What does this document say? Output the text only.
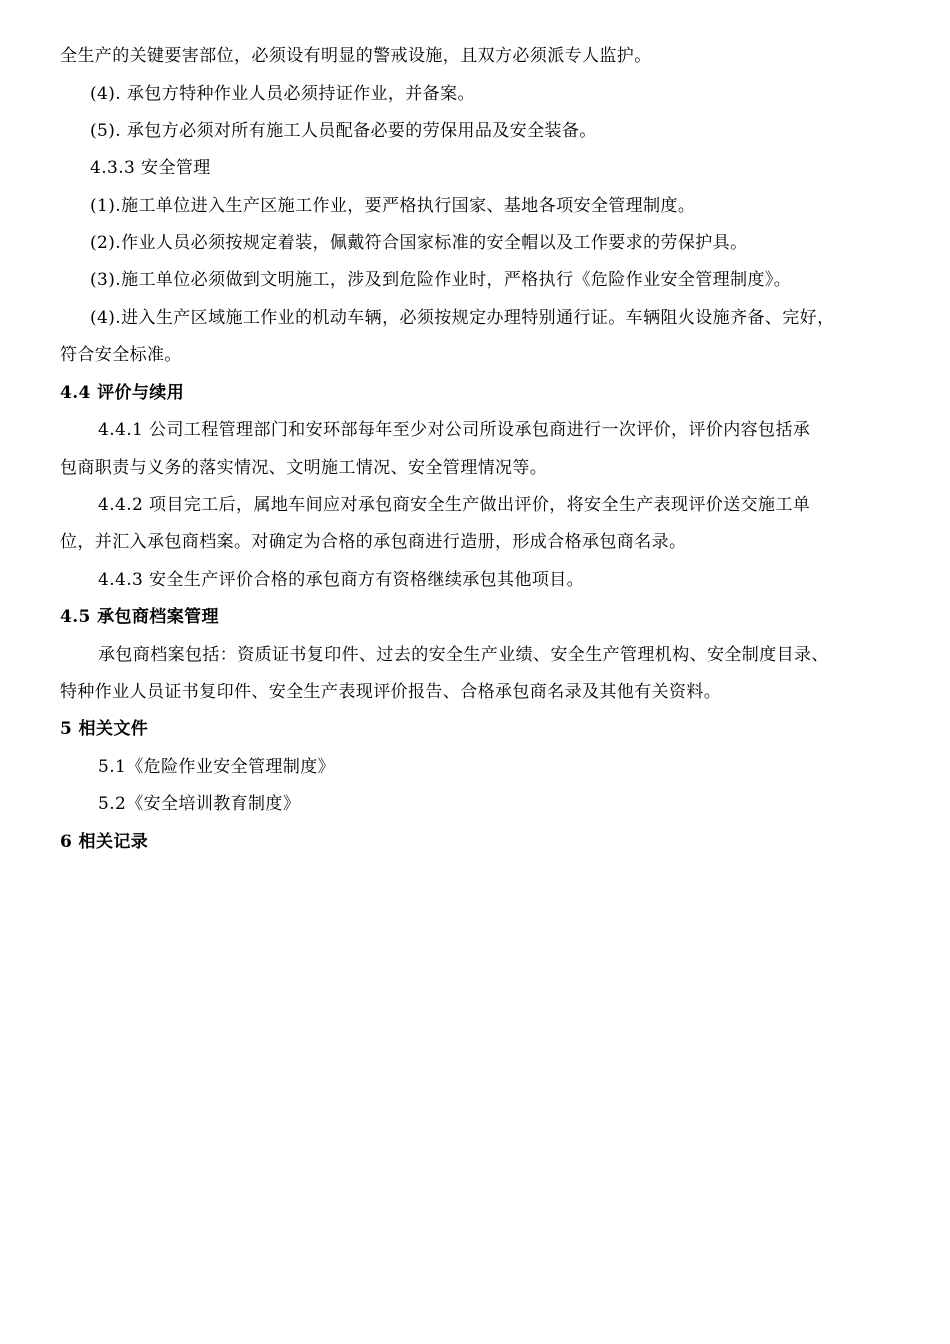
全生产的关键要害部位，必须设有明显的警戒设施，且双方必须派专人监护。
(4). 承包方特种作业人员必须持证作业，并备案。
(5). 承包方必须对所有施工人员配备必要的劳保用品及安全装备。
4.3.3 安全管理
(1).施工单位进入生产区施工作业，要严格执行国家、基地各项安全管理制度。
(2).作业人员必须按规定着装，佩戴符合国家标准的安全帽以及工作要求的劳保护具。
(3).施工单位必须做到文明施工，涉及到危险作业时，严格执行《危险作业安全管理制度》。
(4).进入生产区域施工作业的机动车辆，必须按规定办理特别通行证。车辆阻火设施齐备、完好，
符合安全标准。
4.4 评价与续用
4.4.1 公司工程管理部门和安环部每年至少对公司所设承包商进行一次评价，评价内容包括承
包商职责与义务的落实情况、文明施工情况、安全管理情况等。
4.4.2 项目完工后，属地车间应对承包商安全生产做出评价，将安全生产表现评价送交施工单
位，并汇入承包商档案。对确定为合格的承包商进行造册，形成合格承包商名录。
4.4.3 安全生产评价合格的承包商方有资格继续承包其他项目。
4.5 承包商档案管理
承包商档案包括：资质证书复印件、过去的安全生产业绩、安全生产管理机构、安全制度目录、
特种作业人员证书复印件、安全生产表现评价报告、合格承包商名录及其他有关资料。
5 相关文件
5.1《危险作业安全管理制度》
5.2《安全培训教育制度》
6 相关记录
